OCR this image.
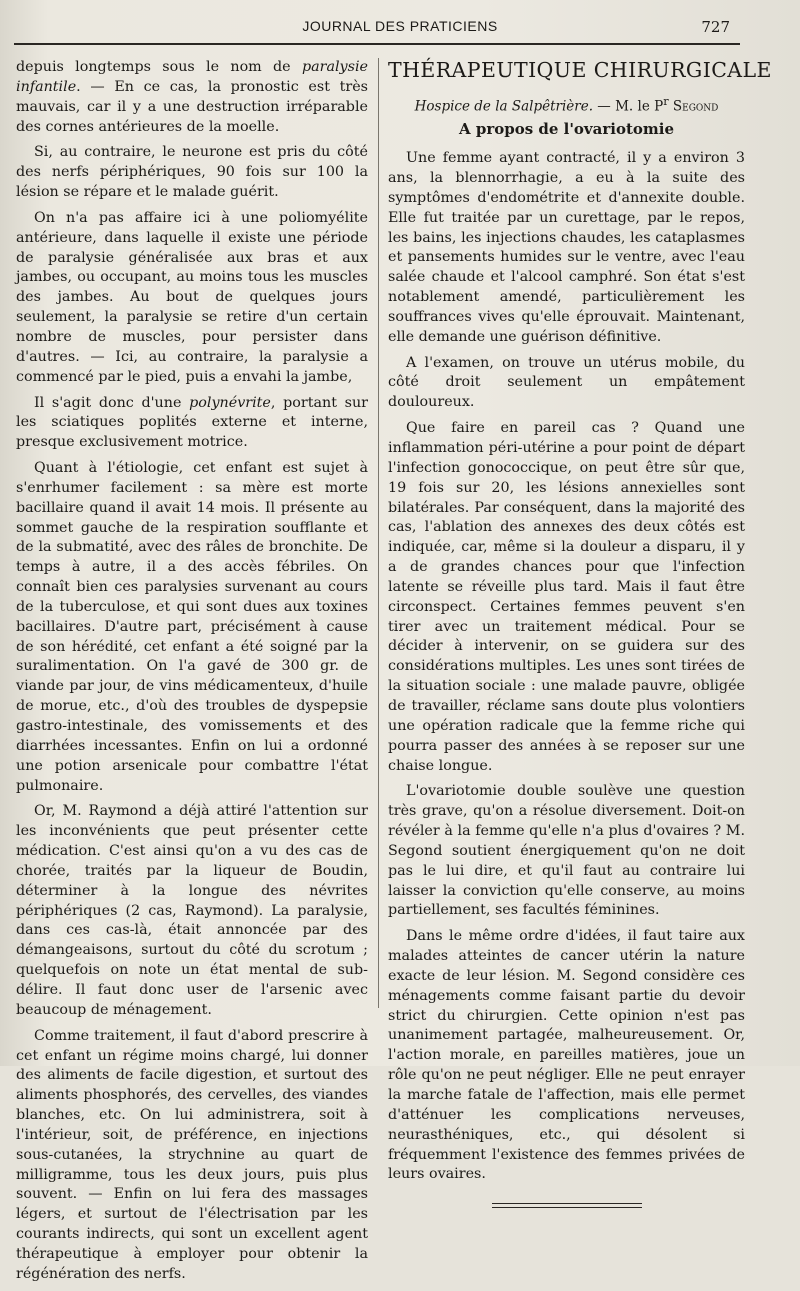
JOURNAL DES PRATICIENS	727

depuis longtemps sous le nom de paralysie infantile. — En ce cas, la pronostic est très mauvais, car il y a une destruction irréparable des cornes antérieures de la moelle.

Si, au contraire, le neurone est pris du côté des nerfs périphériques, 90 fois sur 100 la lésion se répare et le malade guérit.

On n'a pas affaire ici à une poliomyélite antérieure, dans laquelle il existe une période de paralysie généralisée aux bras et aux jambes, ou occupant, au moins tous les muscles des jambes. Au bout de quelques jours seulement, la paralysie se retire d'un certain nombre de muscles, pour persister dans d'autres. — Ici, au contraire, la paralysie a commencé par le pied, puis a envahi la jambe,

Il s'agit donc d'une polynévrite, portant sur les sciatiques poplités externe et interne, presque exclusivement motrice.

Quant à l'étiologie, cet enfant est sujet à s'enrhumer facilement : sa mère est morte bacillaire quand il avait 14 mois. Il présente au sommet gauche de la respiration soufflante et de la submatité, avec des râles de bronchite. De temps à autre, il a des accès fébriles. On connaît bien ces paralysies survenant au cours de la tuberculose, et qui sont dues aux toxines bacillaires. D'autre part, précisément à cause de son hérédité, cet enfant a été soigné par la suralimentation. On l'a gavé de 300 gr. de viande par jour, de vins médicamenteux, d'huile de morue, etc., d'où des troubles de dyspepsie gastro-intestinale, des vomissements et des diarrhées incessantes. Enfin on lui a ordonné une potion arsenicale pour combattre l'état pulmonaire.

Or, M. Raymond a déjà attiré l'attention sur les inconvénients que peut présenter cette médication. C'est ainsi qu'on a vu des cas de chorée, traités par la liqueur de Boudin, déterminer à la longue des névrites périphériques (2 cas, Raymond). La paralysie, dans ces cas-là, était annoncée par des démangeaisons, surtout du côté du scrotum ; quelquefois on note un état mental de sub-délire. Il faut donc user de l'arsenic avec beaucoup de ménagement.

Comme traitement, il faut d'abord prescrire à cet enfant un régime moins chargé, lui donner des aliments de facile digestion, et surtout des aliments phosphorés, des cervelles, des viandes blanches, etc. On lui administrera, soit à l'intérieur, soit, de préférence, en injections sous-cutanées, la strychnine au quart de milligramme, tous les deux jours, puis plus souvent. — Enfin on lui fera des massages légers, et surtout de l'électrisation par les courants indirects, qui sont un excellent agent thérapeutique à employer pour obtenir la régénération des nerfs.

THÉRAPEUTIQUE CHIRURGICALE
Hospice de la Salpêtrière. — M. le $P^r$ Segond
A propos de l'ovariotomie

Une femme ayant contracté, il y a environ 3 ans, la blennorrhagie, a eu à la suite des symptômes d'endométrite et d'annexite double. Elle fut traitée par un curettage, par le repos, les bains, les injections chaudes, les cataplasmes et pansements humides sur le ventre, avec l'eau salée chaude et l'alcool camphré. Son état s'est notablement amendé, particulièrement les souffrances vives qu'elle éprouvait. Maintenant, elle demande une guérison définitive.

A l'examen, on trouve un utérus mobile, du côté droit seulement un empâtement douloureux.

Que faire en pareil cas ? Quand une inflammation péri-utérine a pour point de départ l'infection gonococcique, on peut être sûr que, 19 fois sur 20, les lésions annexielles sont bilatérales. Par conséquent, dans la majorité des cas, l'ablation des annexes des deux côtés est indiquée, car, même si la douleur a disparu, il y a de grandes chances pour que l'infection latente se réveille plus tard. Mais il faut être circonspect. Certaines femmes peuvent s'en tirer avec un traitement médical. Pour se décider à intervenir, on se guidera sur des considérations multiples. Les unes sont tirées de la situation sociale : une malade pauvre, obligée de travailler, réclame sans doute plus volontiers une opération radicale que la femme riche qui pourra passer des années à se reposer sur une chaise longue.

L'ovariotomie double soulève une question très grave, qu'on a résolue diversement. Doit-on révéler à la femme qu'elle n'a plus d'ovaires ? M. Segond soutient énergiquement qu'on ne doit pas le lui dire, et qu'il faut au contraire lui laisser la conviction qu'elle conserve, au moins partiellement, ses facultés féminines.

Dans le même ordre d'idées, il faut taire aux malades atteintes de cancer utérin la nature exacte de leur lésion. M. Segond considère ces ménagements comme faisant partie du devoir strict du chirurgien. Cette opinion n'est pas unanimement partagée, malheureusement. Or, l'action morale, en pareilles matières, joue un rôle qu'on ne peut négliger. Elle ne peut enrayer la marche fatale de l'affection, mais elle permet d'atténuer les complications nerveuses, neurasthéniques, etc., qui désolent si fréquemment l'existence des femmes privées de leurs ovaires.
